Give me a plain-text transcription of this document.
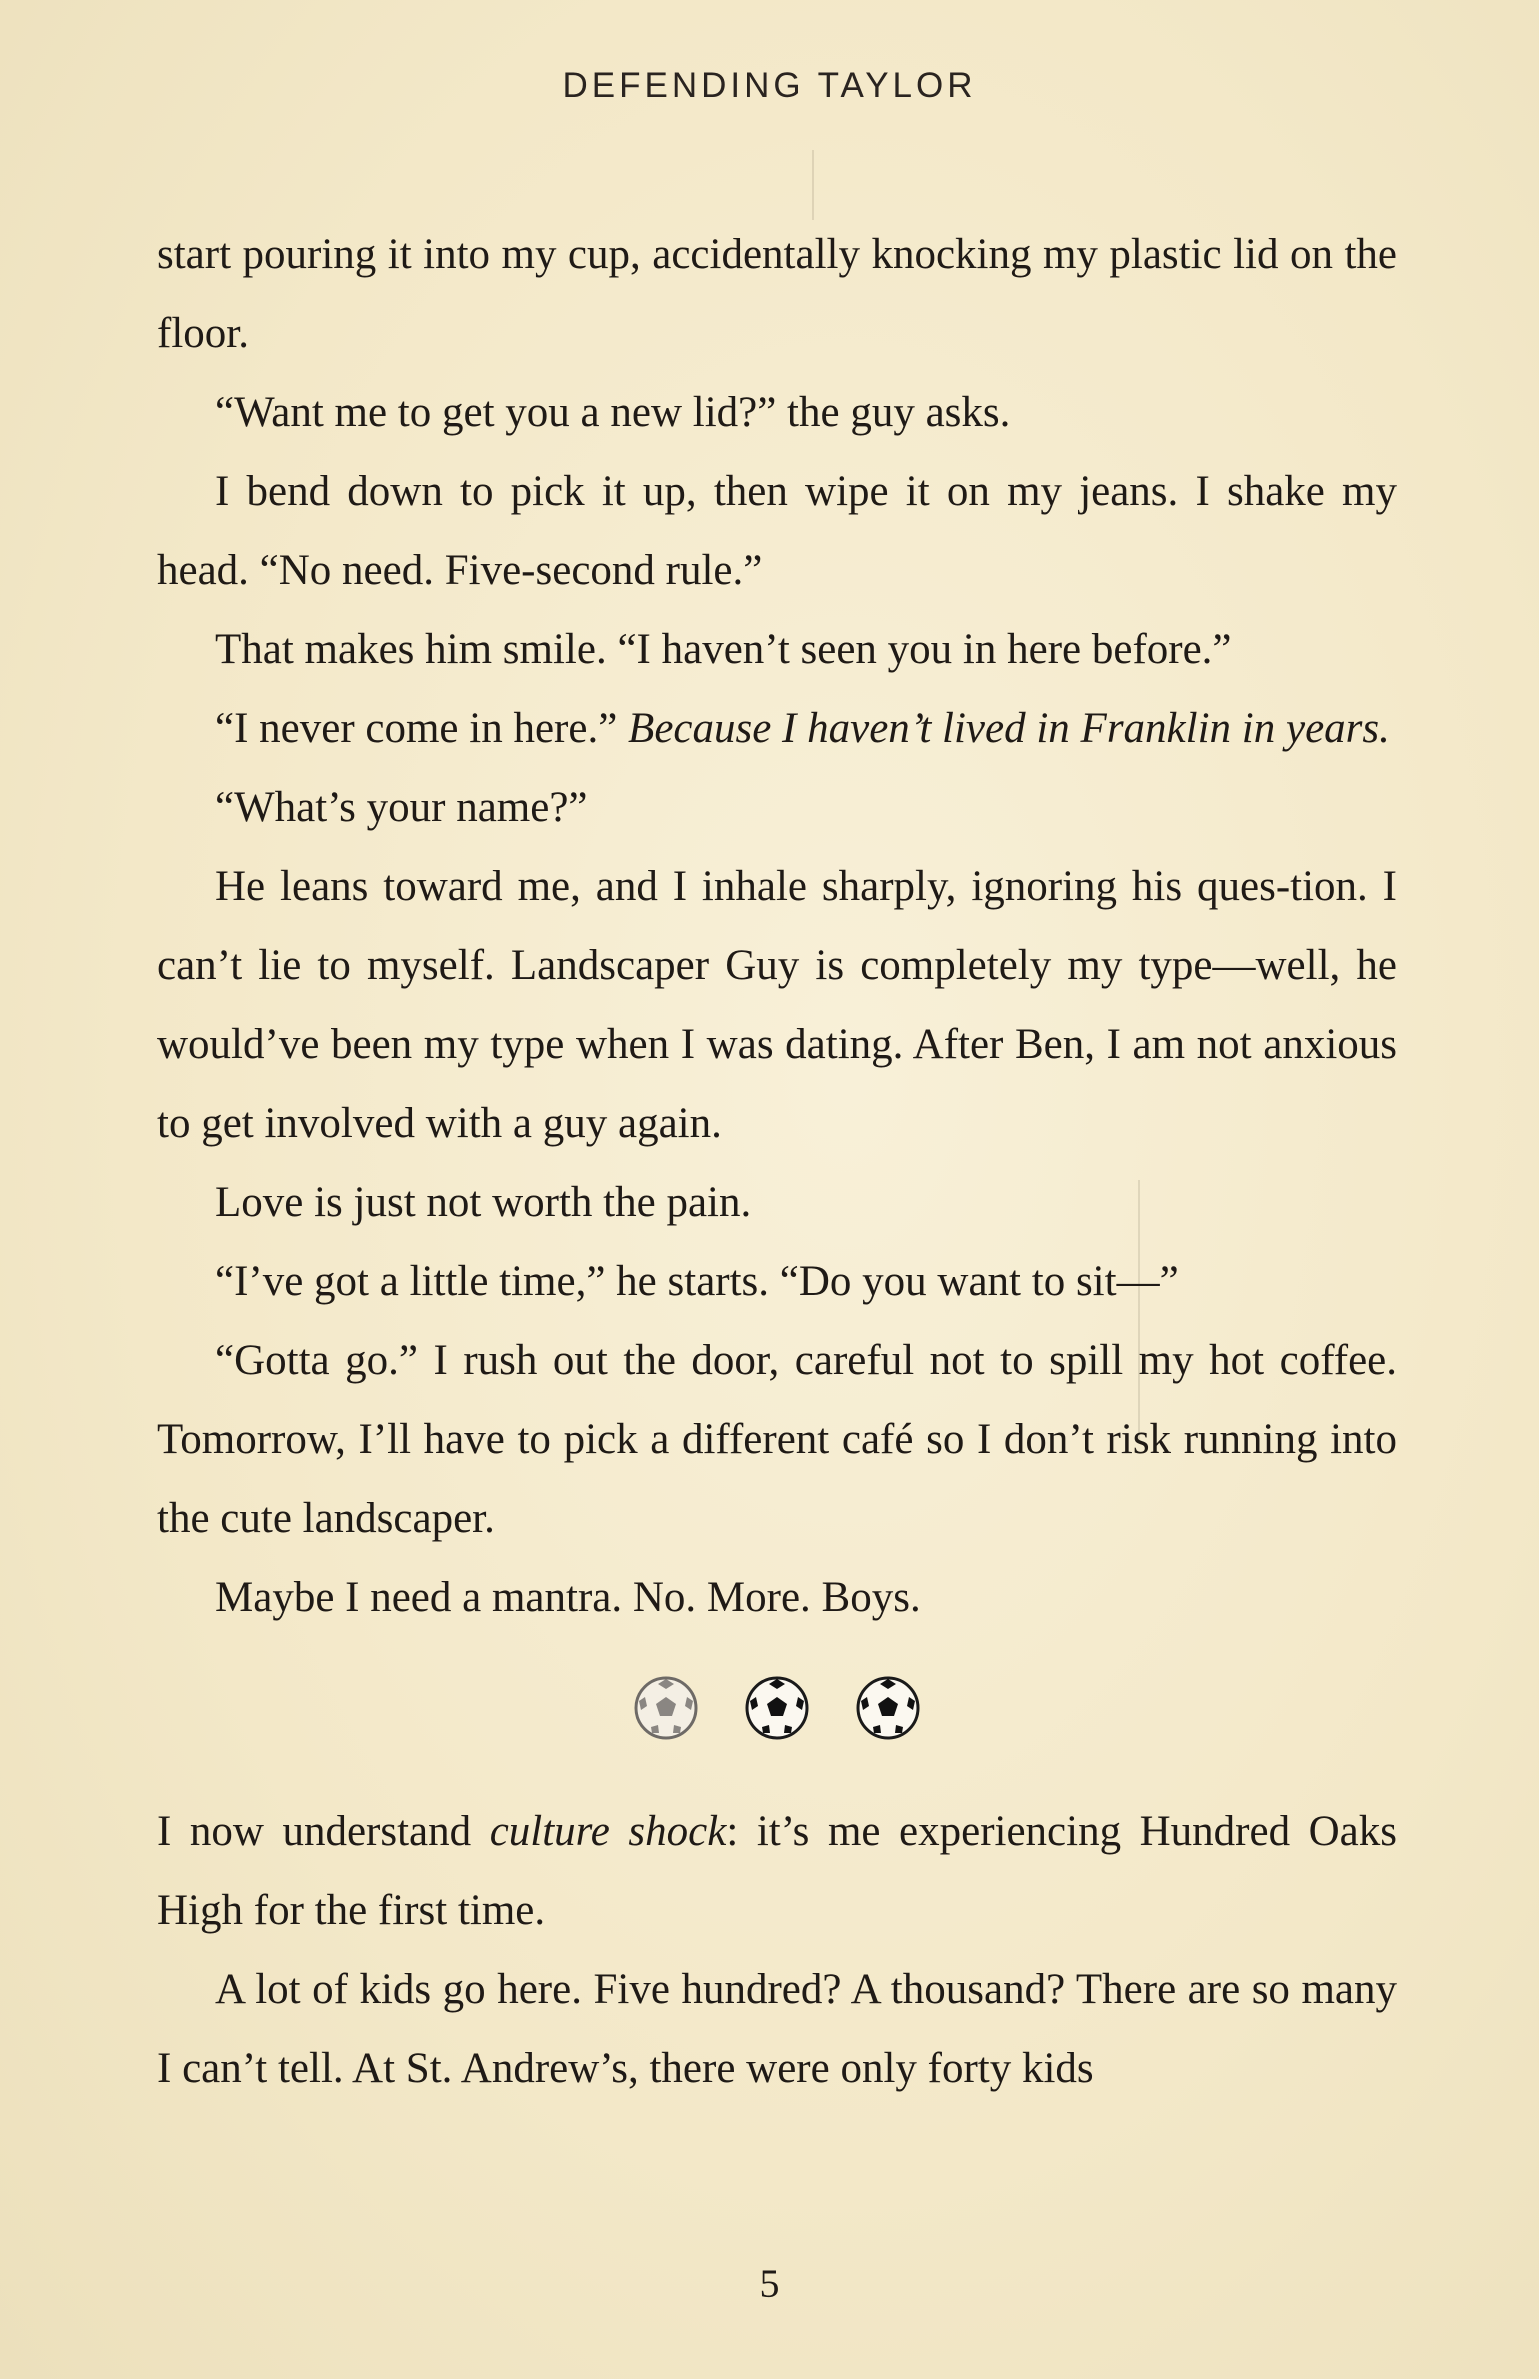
DEFENDING TAYLOR

start pouring it into my cup, accidentally knocking my plastic lid on the floor.

“Want me to get you a new lid?” the guy asks.

I bend down to pick it up, then wipe it on my jeans. I shake my head. “No need. Five-second rule.”

That makes him smile. “I haven’t seen you in here before.”

“I never come in here.” Because I haven’t lived in Franklin in years.

“What’s your name?”

He leans toward me, and I inhale sharply, ignoring his ques-tion. I can’t lie to myself. Landscaper Guy is completely my type—well, he would’ve been my type when I was dating. After Ben, I am not anxious to get involved with a guy again.

Love is just not worth the pain.

“I’ve got a little time,” he starts. “Do you want to sit—”

“Gotta go.” I rush out the door, careful not to spill my hot coffee. Tomorrow, I’ll have to pick a different café so I don’t risk running into the cute landscaper.

Maybe I need a mantra. No. More. Boys.

I now understand culture shock: it’s me experiencing Hundred Oaks High for the first time.

A lot of kids go here. Five hundred? A thousand? There are so many I can’t tell. At St. Andrew’s, there were only forty kids

5
